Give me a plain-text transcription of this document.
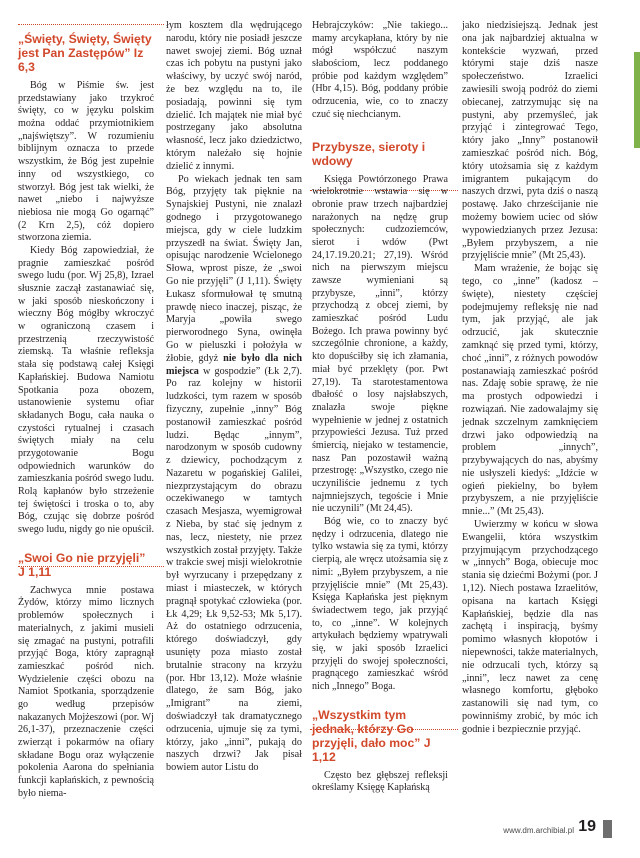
„Święty, Święty, Święty jest Pan Zastępów” Iz 6,3

Bóg w Piśmie św. jest przedstawiany jako trzykroć święty, co w języku polskim można oddać przymiotnikiem „najświętszy”. W rozumieniu biblijnym oznacza to przede wszystkim, że Bóg jest zupełnie inny od wszystkiego, co stworzył. Bóg jest tak wielki, że nawet „niebo i najwyższe niebiosa nie mogą Go ogarnąć” (2 Krn 2,5), cóż dopiero stworzona ziemia.

Kiedy Bóg zapowiedział, że pragnie zamieszkać pośród swego ludu (por. Wj 25,8), Izrael słusznie zaczął zastanawiać się, w jaki sposób nieskończony i wieczny Bóg mógłby wkroczyć w ograniczoną czasem i przestrzenią rzeczywistość ziemską. Ta właśnie refleksja stała się podstawą całej Księgi Kapłańskiej. Budowa Namiotu Spotkania poza obozem, ustanowienie systemu ofiar składanych Bogu, cała nauka o czystości rytualnej i czasach świętych miały na celu przygotowanie Bogu odpowiednich warunków do zamieszkania pośród swego ludu. Rolą kapłanów było strzeżenie tej świętości i troska o to, aby Bóg, czując się dobrze pośród swego ludu, nigdy go nie opuścił.

„Swoi Go nie przyjęli” J 1,11

Zachwyca mnie postawa Żydów, którzy mimo licznych problemów społecznych i materialnych, z jakimi musieli się zmagać na pustyni, potrafili przyjąć Boga, który zapragnął zamieszkać pośród nich. Wydzielenie części obozu na Namiot Spotkania, sporządzenie go według przepisów nakazanych Mojżeszowi (por. Wj 26,1-37), przeznaczenie części zwierząt i pokarmów na ofiary składane Bogu oraz wyłączenie pokolenia Aarona do spełniania funkcji kapłańskich, z pewnością było niema-

łym kosztem dla wędrującego narodu, który nie posiadł jeszcze nawet swojej ziemi. Bóg uznał czas ich pobytu na pustyni jako właściwy, by uczyć swój naród, że bez względu na to, ile posiadają, powinni się tym dzielić. Ich majątek nie miał być postrzegany jako absolutna własność, lecz jako dziedzictwo, którym należało się hojnie dzielić z innymi.

Po wiekach jednak ten sam Bóg, przyjęty tak pięknie na Synajskiej Pustyni, nie znalazł godnego i przygotowanego miejsca, gdy w ciele ludzkim przyszedł na świat. Święty Jan, opisując narodzenie Wcielonego Słowa, wprost pisze, że „swoi Go nie przyjęli” (J 1,11). Święty Łukasz sformułował tę smutną prawdę nieco inaczej, pisząc, że Maryja „powiła swego pierworodnego Syna, owinęła Go w pieluszki i położyła w żłobie, gdyż nie było dla nich miejsca w gospodzie” (Łk 2,7). Po raz kolejny w historii ludzkości, tym razem w sposób fizyczny, zupełnie „inny” Bóg postanowił zamieszkać pośród ludzi. Będąc „innym”, narodzonym w sposób cudowny z dziewicy, pochodzącym z Nazaretu w pogańskiej Galilei, niezprzystającym do obrazu oczekiwanego w tamtych czasach Mesjasza, wyemigrował z Nieba, by stać się jednym z nas, lecz, niestety, nie przez wszystkich został przyjęty. Także w trakcie swej misji wielokrotnie był wyrzucany i przepędzany z miast i miasteczek, w których pragnął spotykać człowieka (por. Łk 4,29; Łk 9,52-53; Mk 5,17). Aż do ostatniego odrzucenia, którego doświadczył, gdy usunięty poza miasto został brutalnie stracony na krzyżu (por. Hbr 13,12). Może właśnie dlatego, że sam Bóg, jako „Imigrant” na ziemi, doświadczył tak dramatycznego odrzucenia, ujmuje się za tymi, którzy, jako „inni”, pukają do naszych drzwi? Jak pisał bowiem autor Listu do

Hebrajczyków: „Nie takiego... mamy arcykapłana, który by nie mógł współczuć naszym słabościom, lecz poddanego próbie pod każdym względem” (Hbr 4,15). Bóg, poddany próbie odrzucenia, wie, co to znaczy czuć się niechcianym.

Przybysze, sieroty i wdowy

Księga Powtórzonego Prawa wielokrotnie wstawia się w obronie praw trzech najbardziej narażonych na nędzę grup społecznych: cudzoziemców, sierot i wdów (Pwt 24,17.19.20.21; 27,19). Wśród nich na pierwszym miejscu zawsze wymieniani są przybysze, „inni”, którzy przychodzą z obcej ziemi, by zamieszkać pośród Ludu Bożego. Ich prawa powinny być szczególnie chronione, a każdy, kto dopuściłby się ich złamania, miał być przeklęty (por. Pwt 27,19). Ta starotestamentowa dbałość o losy najsłabszych, znalazła swoje piękne wypełnienie w jednej z ostatnich przypowieści Jezusa. Tuż przed śmiercią, niejako w testamencie, nasz Pan pozostawił ważną przestrogę: „Wszystko, czego nie uczyniliście jednemu z tych najmniejszych, tegoście i Mnie nie uczynili” (Mt 24,45).

Bóg wie, co to znaczy być nędzy i odrzucenia, dlatego nie tylko wstawia się za tymi, którzy cierpią, ale wręcz utożsamia się z nimi: „Byłem przybyszem, a nie przyjęliście mnie” (Mt 25,43). Księga Kapłańska jest pięknym świadectwem tego, jak przyjąć to, co „inne”. W kolejnych artykułach będziemy wpatrywali się, w jaki sposób Izraelici przyjęli do swojej społeczności, pragnącego zamieszkać wśród nich „Innego” Boga.

„Wszystkim tym jednak, którzy Go przyjęli, dało moc” J 1,12

Często bez głębszej refleksji określamy Księgę Kapłańską

jako niedzisiejszą. Jednak jest ona jak najbardziej aktualna w kontekście wyzwań, przed którymi staje dziś nasze społeczeństwo. Izraelici zawiesili swoją podróż do ziemi obiecanej, zatrzymując się na pustyni, aby przemyśleć, jak przyjąć i zintegrować Tego, który jako „Inny” postanowił zamieszkać pośród nich. Bóg, który utożsamia się z każdym imigrantem pukającym do naszych drzwi, pyta dziś o naszą postawę. Jako chrześcijanie nie możemy bowiem uciec od słów wypowiedzianych przez Jezusa: „Byłem przybyszem, a nie przyjęliście mnie” (Mt 25,43).

Mam wrażenie, że bojąc się tego, co „inne” (kadosz – święte), niestety częściej podejmujemy refleksję nie nad tym, jak przyjąć, ale jak odrzucić, jak skutecznie zamknąć się przed tymi, którzy, choć „inni”, z różnych powodów postanawiają zamieszkać pośród nas. Zdaję sobie sprawę, że nie ma prostych odpowiedzi i rozwiązań. Nie zadowalajmy się jednak szczelnym zamknięciem drzwi jako odpowiedzią na problem „innych”, przybywających do nas, abyśmy nie usłyszeli kiedyś: „Idźcie w ogień piekielny, bo byłem przybyszem, a nie przyjęliście mnie...” (Mt 25,43).

Uwierzmy w końcu w słowa Ewangelii, która wszystkim przyjmującym przychodzącego w „innych” Boga, obiecuje moc stania się dziećmi Bożymi (por. J 1,12). Niech postawa Izraelitów, opisana na kartach Księgi Kapłańskiej, będzie dla nas zachętą i inspiracją, byśmy pomimo własnych kłopotów i niepewności, także materialnych, nie odrzucali tych, którzy są „inni”, lecz nawet za cenę własnego komfortu, głęboko zastanowili się nad tym, co powinniśmy zrobić, by móc ich godnie i bezpiecznie przyjąć.

www.dm.archibial.pl 19
